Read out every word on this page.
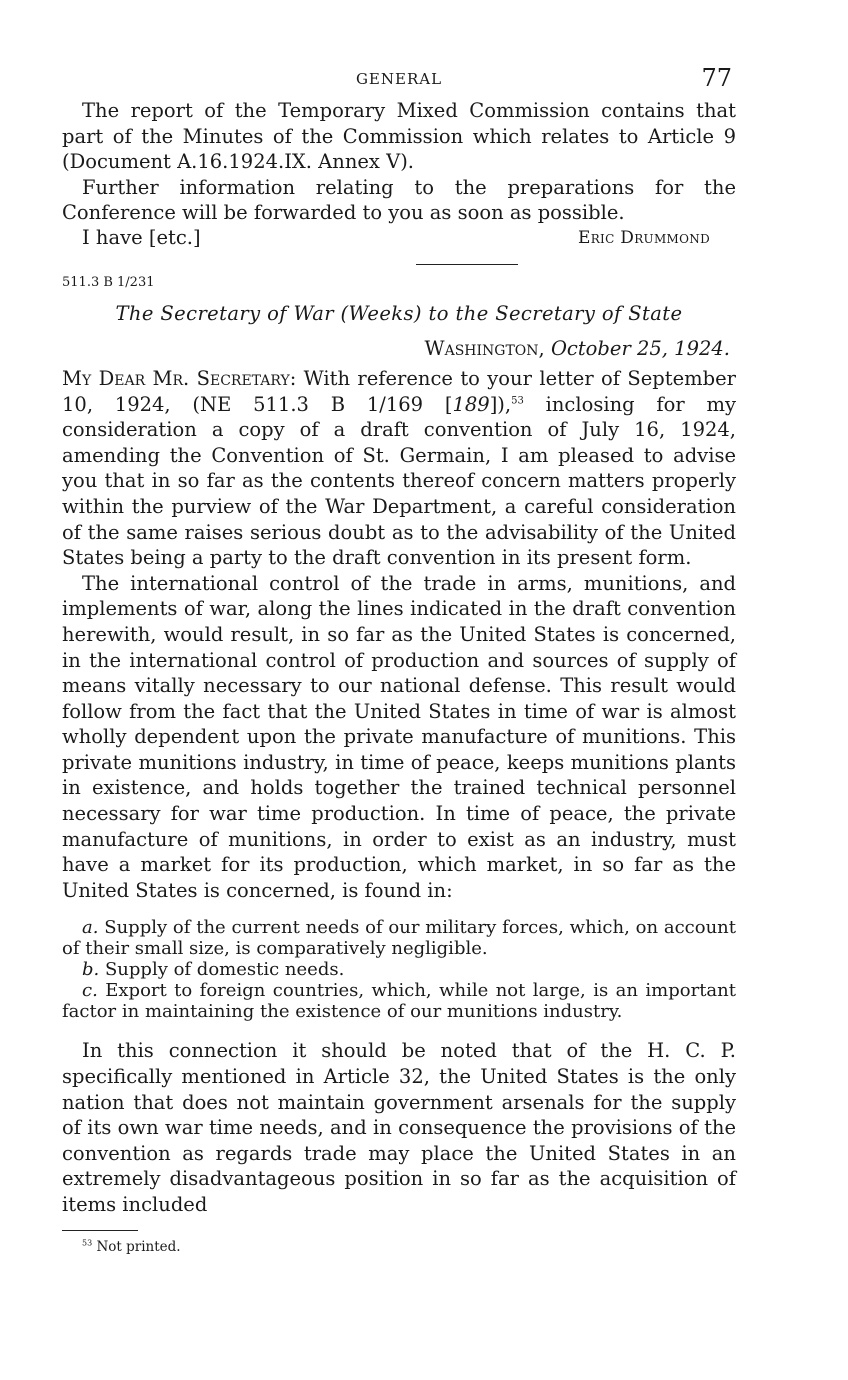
GENERAL	77

The report of the Temporary Mixed Commission contains that part of the Minutes of the Commission which relates to Article 9 (Document A.16.1924.IX. Annex V).

Further information relating to the preparations for the Conference will be forwarded to you as soon as possible.

I have [etc.]	Eric Drummond
511.3 B 1/231
The Secretary of War (Weeks) to the Secretary of State
Washington, October 25, 1924.

My Dear Mr. Secretary: With reference to your letter of September 10, 1924, (NE 511.3 B 1/169 [189]),$^{53}$ inclosing for my consideration a copy of a draft convention of July 16, 1924, amending the Convention of St. Germain, I am pleased to advise you that in so far as the contents thereof concern matters properly within the purview of the War Department, a careful consideration of the same raises serious doubt as to the advisability of the United States being a party to the draft convention in its present form.

The international control of the trade in arms, munitions, and implements of war, along the lines indicated in the draft convention herewith, would result, in so far as the United States is concerned, in the international control of production and sources of supply of means vitally necessary to our national defense. This result would follow from the fact that the United States in time of war is almost wholly dependent upon the private manufacture of munitions. This private munitions industry, in time of peace, keeps munitions plants in existence, and holds together the trained technical personnel necessary for war time production. In time of peace, the private manufacture of munitions, in order to exist as an industry, must have a market for its production, which market, in so far as the United States is concerned, is found in:

a. Supply of the current needs of our military forces, which, on account of their small size, is comparatively negligible.

b. Supply of domestic needs.

c. Export to foreign countries, which, while not large, is an important factor in maintaining the existence of our munitions industry.

In this connection it should be noted that of the H. C. P. specifically mentioned in Article 32, the United States is the only nation that does not maintain government arsenals for the supply of its own war time needs, and in consequence the provisions of the convention as regards trade may place the United States in an extremely disadvantageous position in so far as the acquisition of items included

$^{53}$ Not printed.
